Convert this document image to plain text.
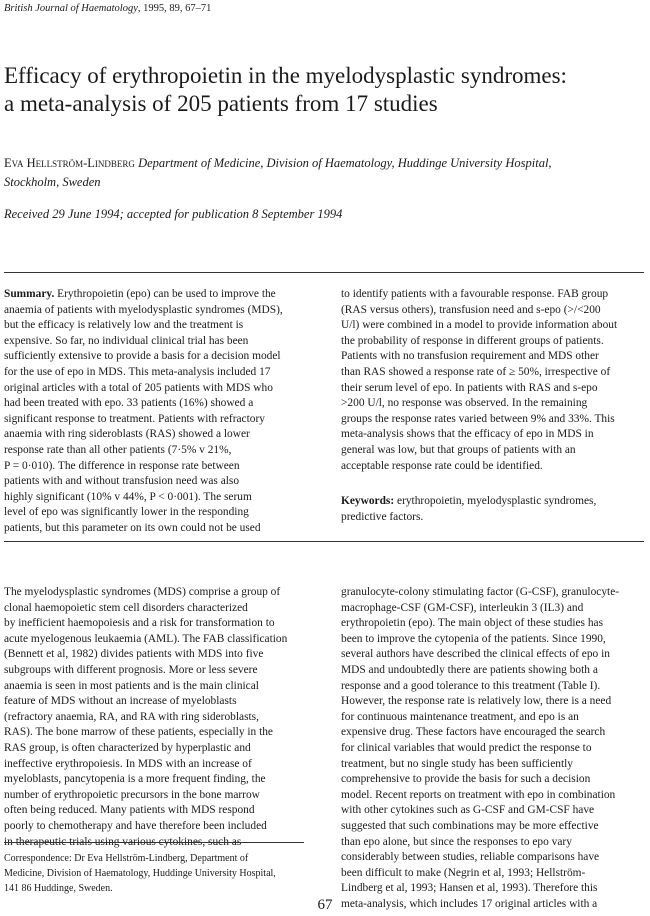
British Journal of Haematology, 1995, 89, 67–71
Efficacy of erythropoietin in the myelodysplastic syndromes:
a meta-analysis of 205 patients from 17 studies
Eva Hellström-Lindberg Department of Medicine, Division of Haematology, Huddinge University Hospital,
Stockholm, Sweden
Received 29 June 1994; accepted for publication 8 September 1994

Summary. Erythropoietin (epo) can be used to improve the

anaemia of patients with myelodysplastic syndromes (MDS),

but the efficacy is relatively low and the treatment is

expensive. So far, no individual clinical trial has been

sufficiently extensive to provide a basis for a decision model

for the use of epo in MDS. This meta-analysis included 17

original articles with a total of 205 patients with MDS who

had been treated with epo. 33 patients (16%) showed a

significant response to treatment. Patients with refractory

anaemia with ring sideroblasts (RAS) showed a lower

response rate than all other patients (7·5% v 21%,

P = 0·010). The difference in response rate between

patients with and without transfusion need was also

highly significant (10% v 44%, P < 0·001). The serum

level of epo was significantly lower in the responding

patients, but this parameter on its own could not be used

to identify patients with a favourable response. FAB group

(RAS versus others), transfusion need and s-epo (>/<200

U/l) were combined in a model to provide information about

the probability of response in different groups of patients.

Patients with no transfusion requirement and MDS other

than RAS showed a response rate of ≥ 50%, irrespective of

their serum level of epo. In patients with RAS and s-epo

>200 U/l, no response was observed. In the remaining

groups the response rates varied between 9% and 33%. This

meta-analysis shows that the efficacy of epo in MDS in

general was low, but that groups of patients with an

acceptable response rate could be identified.

Keywords: erythropoietin, myelodysplastic syndromes,

predictive factors.

The myelodysplastic syndromes (MDS) comprise a group of

clonal haemopoietic stem cell disorders characterized

by inefficient haemopoiesis and a risk for transformation to

acute myelogenous leukaemia (AML). The FAB classification

(Bennett et al, 1982) divides patients with MDS into five

subgroups with different prognosis. More or less severe

anaemia is seen in most patients and is the main clinical

feature of MDS without an increase of myeloblasts

(refractory anaemia, RA, and RA with ring sideroblasts,

RAS). The bone marrow of these patients, especially in the

RAS group, is often characterized by hyperplastic and

ineffective erythropoiesis. In MDS with an increase of

myeloblasts, pancytopenia is a more frequent finding, the

number of erythropoietic precursors in the bone marrow

often being reduced. Many patients with MDS respond

poorly to chemotherapy and have therefore been included

in therapeutic trials using various cytokines, such as

granulocyte-colony stimulating factor (G-CSF), granulocyte-

macrophage-CSF (GM-CSF), interleukin 3 (IL3) and

erythropoietin (epo). The main object of these studies has

been to improve the cytopenia of the patients. Since 1990,

several authors have described the clinical effects of epo in

MDS and undoubtedly there are patients showing both a

response and a good tolerance to this treatment (Table I).

However, the response rate is relatively low, there is a need

for continuous maintenance treatment, and epo is an

expensive drug. These factors have encouraged the search

for clinical variables that would predict the response to

treatment, but no single study has been sufficiently

comprehensive to provide the basis for such a decision

model. Recent reports on treatment with epo in combination

with other cytokines such as G-CSF and GM-CSF have

suggested that such combinations may be more effective

than epo alone, but since the responses to epo vary

considerably between studies, reliable comparisons have

been difficult to make (Negrin et al, 1993; Hellström-

Lindberg et al, 1993; Hansen et al, 1993). Therefore this

meta-analysis, which includes 17 original articles with a

Correspondence: Dr Eva Hellström-Lindberg, Department of
Medicine, Division of Haematology, Huddinge University Hospital,
141 86 Huddinge, Sweden.
67
